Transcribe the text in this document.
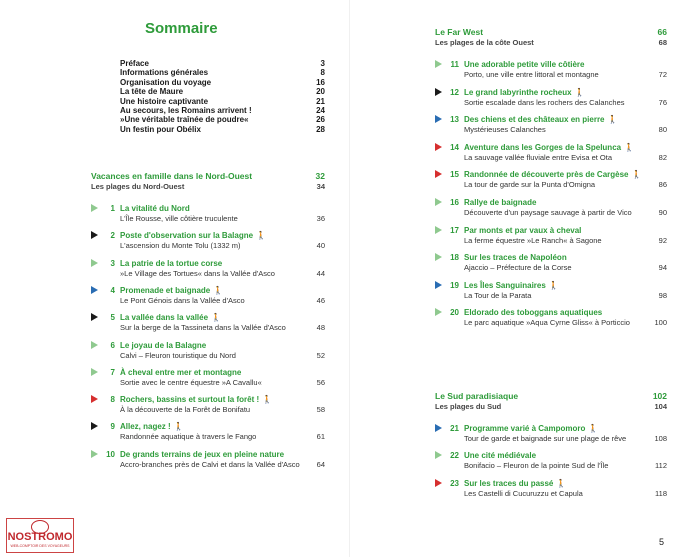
Sommaire
Préface	3
Informations générales	8
Organisation du voyage	16
La tête de Maure	20
Une histoire captivante	21
Au secours, les Romains arrivent !	24
»Une véritable traînée de poudre«	26
Un festin pour Obélix	28
Vacances en famille dans le Nord-Ouest	32
Les plages du Nord-Ouest	34
1 La vitalité du Nord
L'Île Rousse, ville côtière truculente	36
2 Poste d'observation sur la Balagne 🚶
L'ascension du Monte Tolu (1332 m)	40
3 La patrie de la tortue corse
»Le Village des Tortues« dans la Vallée d'Asco	44
4 Promenade et baignade 🚶
Le Pont Génois dans la Vallée d'Asco	46
5 La vallée dans la vallée 🚶
Sur la berge de la Tassineta dans la Vallée d'Asco	48
6 Le joyau de la Balagne
Calvi – Fleuron touristique du Nord	52
7 À cheval entre mer et montagne
Sortie avec le centre équestre »A Cavallu«	56
8 Rochers, bassins et surtout la forêt ! 🚶
À la découverte de la Forêt de Bonifatu	58
9 Allez, nagez ! 🚶
Randonnée aquatique à travers le Fango	61
10 De grands terrains de jeux en pleine nature
Accro-branches près de Calvi et dans la Vallée d'Asco 64
Le Far West	66
Les plages de la côte Ouest	68
11 Une adorable petite ville côtière
Porto, une ville entre littoral et montagne	72
12 Le grand labyrinthe rocheux 🚶
Sortie escalade dans les rochers des Calanches	76
13 Des chiens et des châteaux en pierre 🚶
Mystérieuses Calanches	80
14 Aventure dans les Gorges de la Spelunca 🚶
La sauvage vallée fluviale entre Evisa et Ota	82
15 Randonnée de découverte près de Cargèse 🚶
La tour de garde sur la Punta d'Omigna	86
16 Rallye de baignade
Découverte d'un paysage sauvage à partir de Vico	90
17 Par monts et par vaux à cheval
La ferme équestre »Le Ranch« à Sagone	92
18 Sur les traces de Napoléon
Ajaccio – Préfecture de la Corse	94
19 Les Îles Sanguinaires 🚶
La Tour de la Parata	98
20 Eldorado des toboggans aquatiques
Le parc aquatique »Aqua Cyrne Gliss« à Porticcio	100
Le Sud paradisiaque	102
Les plages du Sud	104
21 Programme varié à Campomoro 🚶
Tour de garde et baignade sur une plage de rêve	108
22 Une cité médiévale
Bonifacio – Fleuron de la pointe Sud de l'Île	112
23 Sur les traces du passé 🚶
Les Castelli di Cucuruzzu et Capula	118
NOSTROMO
WEB-COMPTOIR DES VOYAGEURS	5
